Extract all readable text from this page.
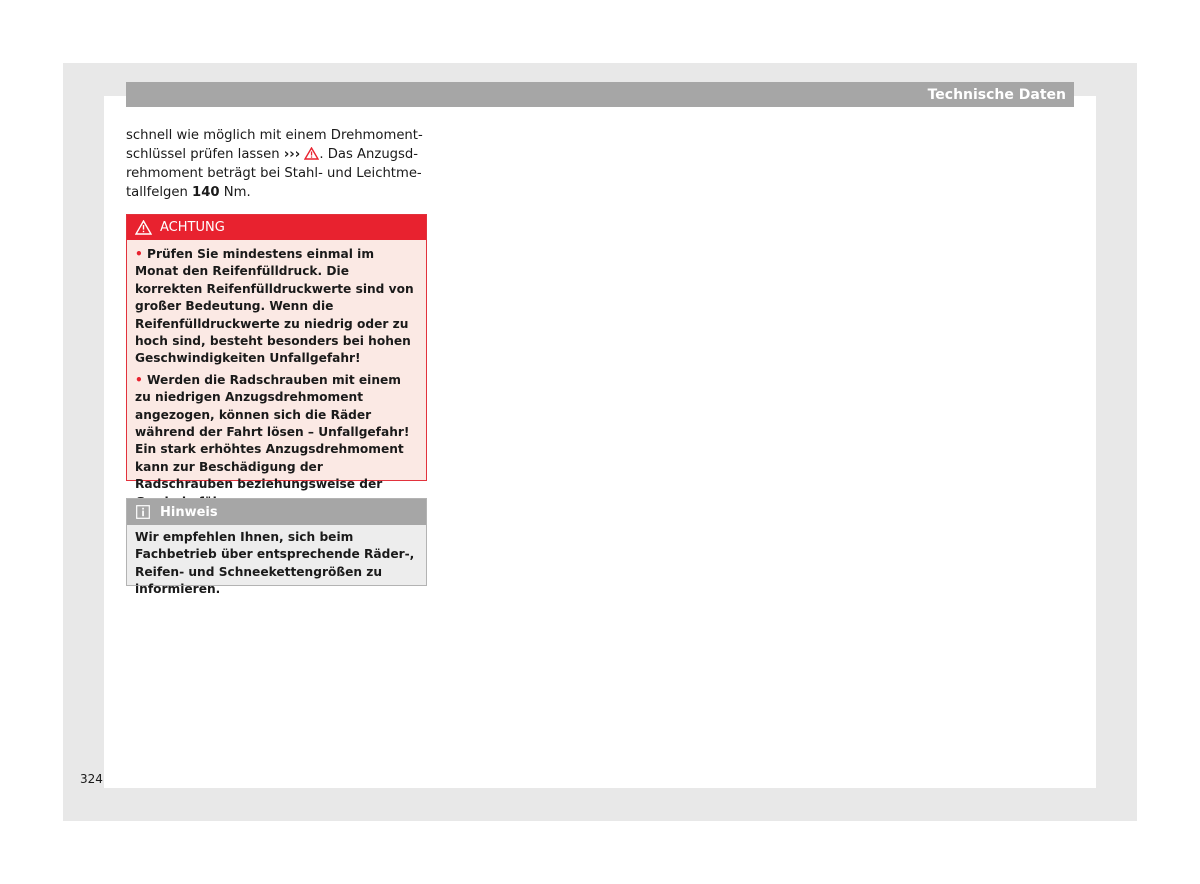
Technische Daten
schnell wie möglich mit einem Drehmoment-
schlüssel prüfen lassen ››› . Das Anzugsd-
rehmoment beträgt bei Stahl- und Leichtme-
tallfelgen 140 Nm.
ACHTUNG

• Prüfen Sie mindestens einmal im Monat den Reifenfülldruck. Die korrekten Reifenfülldruckwerte sind von großer Bedeutung. Wenn die Reifenfülldruckwerte zu niedrig oder zu hoch sind, besteht besonders bei hohen Geschwindigkeiten Unfallgefahr!

• Werden die Radschrauben mit einem zu niedrigen Anzugsdrehmoment angezogen, können sich die Räder während der Fahrt lösen – Unfallgefahr! Ein stark erhöhtes Anzugsdrehmoment kann zur Beschädigung der Radschrauben beziehungsweise der

Hinweis

Wir empfehlen Ihnen, sich beim Fachbetrieb über entsprechende Räder-, Reifen- und Schneekettengrößen zu informieren.

324
